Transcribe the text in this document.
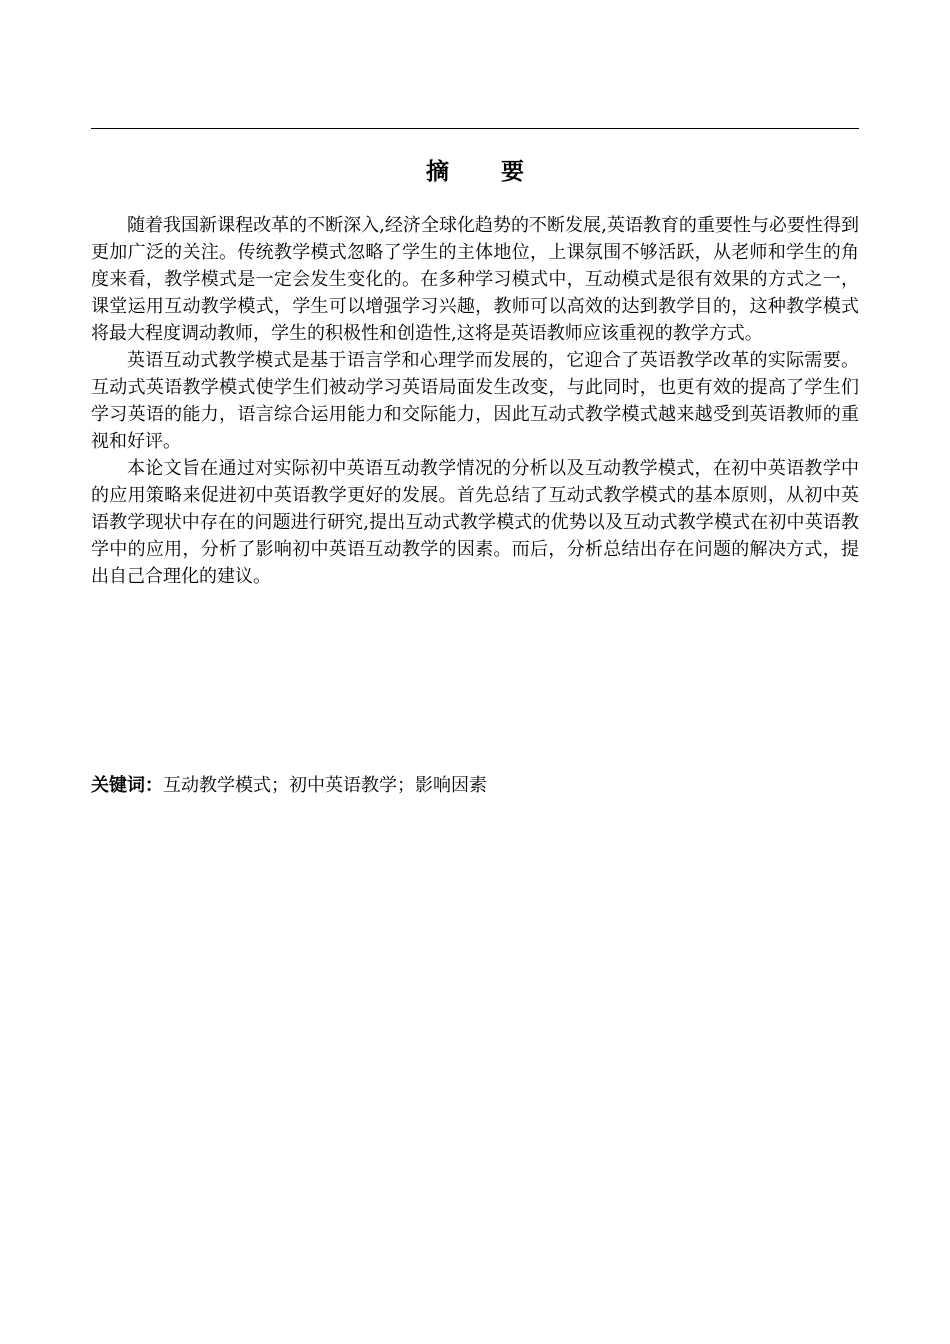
摘要

随着我国新课程改革的不断深入,经济全球化趋势的不断发展,英语教育的重要性与必要性得到更加广泛的关注。传统教学模式忽略了学生的主体地位，上课氛围不够活跃，从老师和学生的角度来看，教学模式是一定会发生变化的。在多种学习模式中，互动模式是很有效果的方式之一，课堂运用互动教学模式，学生可以增强学习兴趣，教师可以高效的达到教学目的，这种教学模式将最大程度调动教师，学生的积极性和创造性,这将是英语教师应该重视的教学方式。

英语互动式教学模式是基于语言学和心理学而发展的，它迎合了英语教学改革的实际需要。互动式英语教学模式使学生们被动学习英语局面发生改变，与此同时，也更有效的提高了学生们学习英语的能力，语言综合运用能力和交际能力，因此互动式教学模式越来越受到英语教师的重视和好评。

本论文旨在通过对实际初中英语互动教学情况的分析以及互动教学模式，在初中英语教学中的应用策略来促进初中英语教学更好的发展。首先总结了互动式教学模式的基本原则，从初中英语教学现状中存在的问题进行研究,提出互动式教学模式的优势以及互动式教学模式在初中英语教学中的应用，分析了影响初中英语互动教学的因素。而后，分析总结出存在问题的解决方式，提出自己合理化的建议。

关键词：互动教学模式；初中英语教学；影响因素
